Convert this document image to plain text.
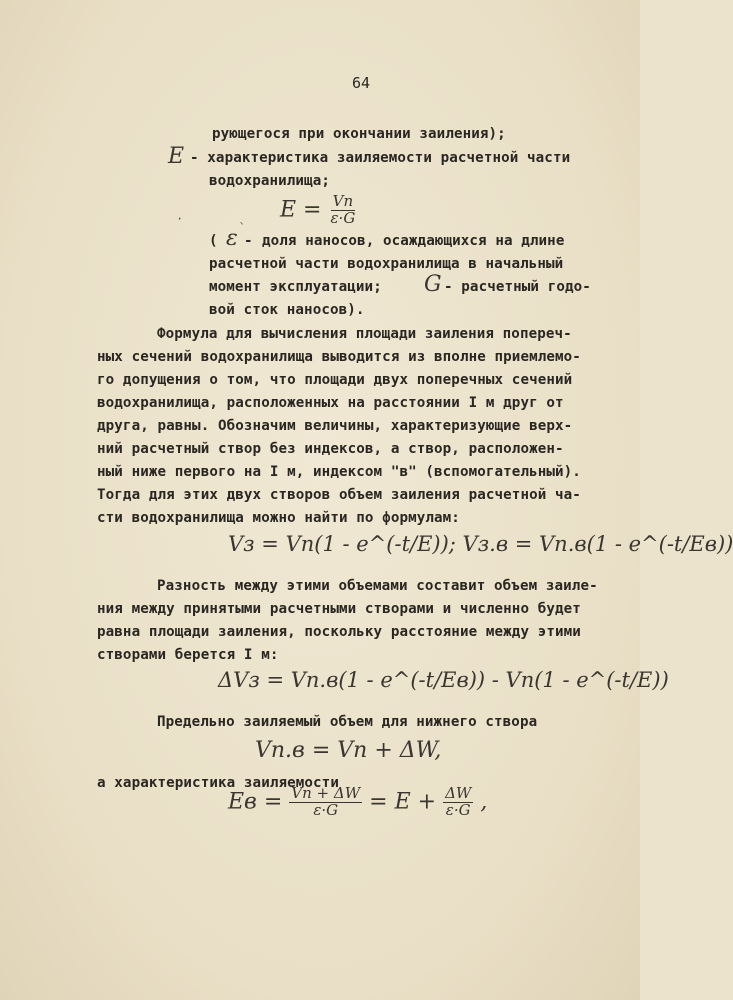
64
рующегося при окончании заиления);
E - характеристика заиляемости расчетной части
водохранилища;
·	ˎ $E = \frac{Vn}{\varepsilon\cdot G}$
( ε - доля наносов, осаждающихся на длине
расчетной части водохранилища в начальный
момент эксплуатации; G - расчетный годо-
вой сток наносов).
Формула для вычисления площади заиления попереч-
ных сечений водохранилища выводится из вполне приемлемо-
го допущения о том, что площади двух поперечных сечений
водохранилища, расположенных на расстоянии I м друг от
друга, равны. Обозначим величины, характеризующие верх-
ний расчетный створ без индексов, а створ, расположен-
ный ниже первого на I м, индексом "в" (вспомогательный).
Тогда для этих двух створов объем заиления расчетной ча-
сти водохранилища можно найти по формулам:
Vз = Vn(1 - e^(-t/E)); Vз.в = Vn.в(1 - e^(-t/Eв))
Разность между этими объемами составит объем заиле-
ния между принятыми расчетными створами и численно будет
равна площади заиления, поскольку расстояние между этими
створами берется I м:
ΔVз = Vn.в(1 - e^(-t/Eв)) - Vn(1 - e^(-t/E))
Предельно заиляемый объем для нижнего створа
Vn.в = Vn + ΔW,
а характеристика заиляемости
Eв = $\frac{Vn + \Delta W}{\varepsilon\cdot G} = E + \frac{\Delta W}{\varepsilon\cdot G}$ ,
